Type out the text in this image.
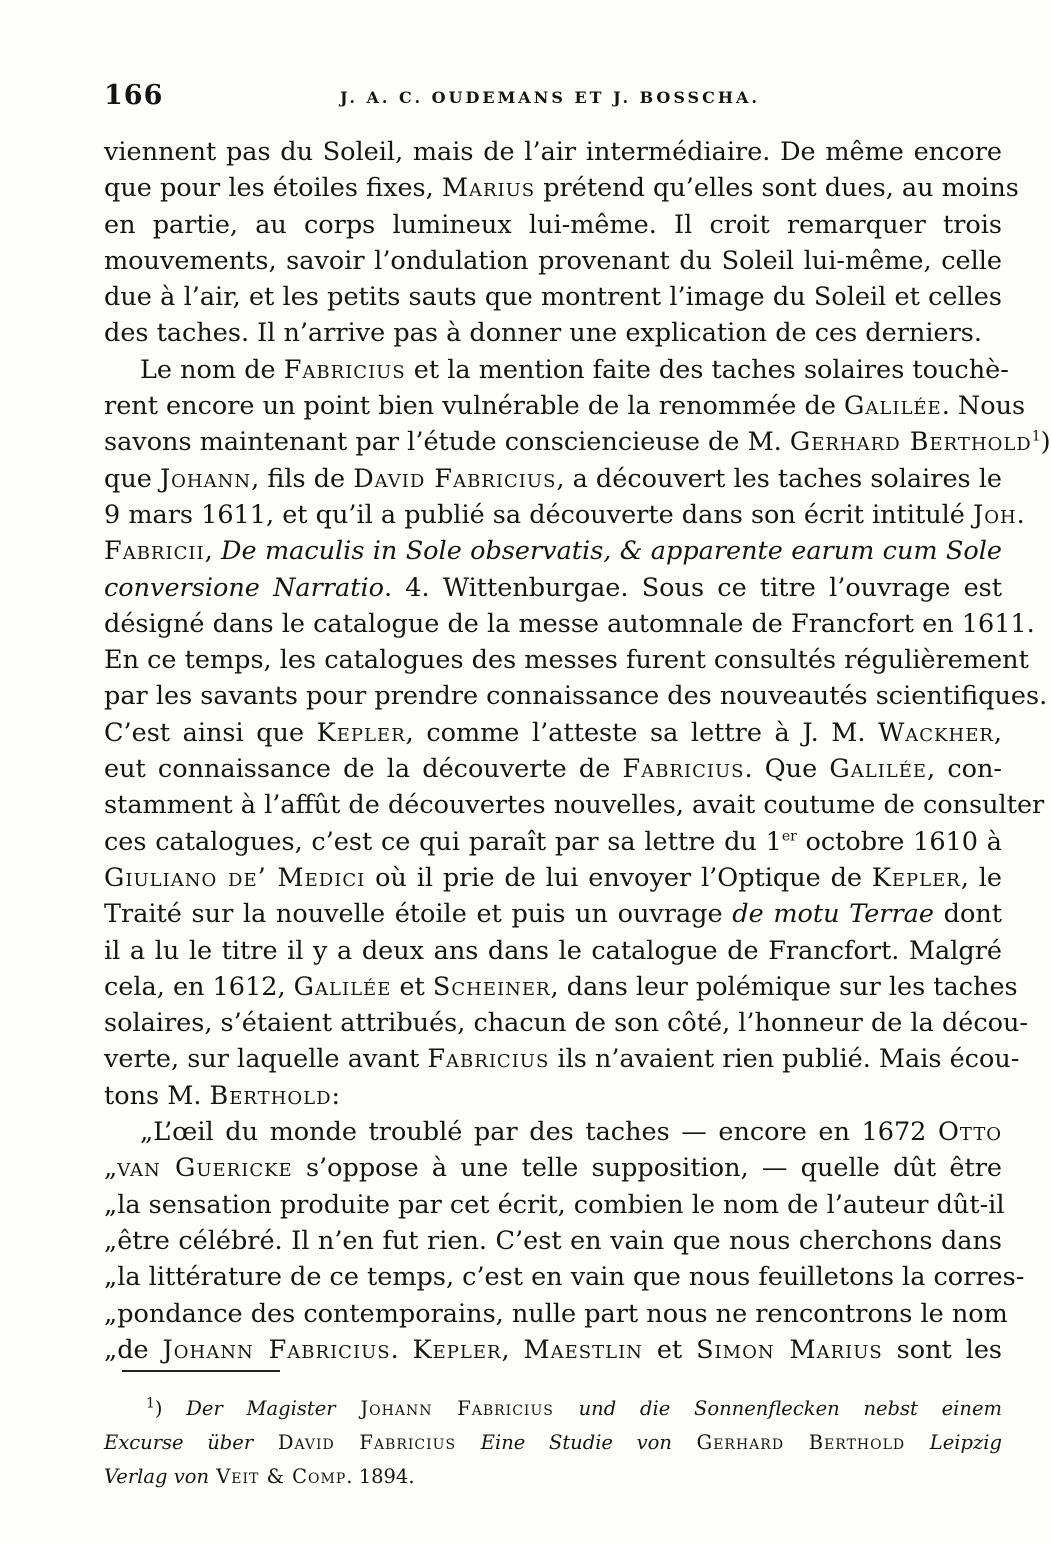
166	J. A. C. OUDEMANS ET J. BOSSCHA.
viennent pas du Soleil, mais de l’air intermédiaire. De même encore
que pour les étoiles fixes, Marius prétend qu’elles sont dues, au moins
en partie, au corps lumineux lui-même. Il croit remarquer trois
mouvements, savoir l’ondulation provenant du Soleil lui-même, celle
due à l’air, et les petits sauts que montrent l’image du Soleil et celles
des taches. Il n’arrive pas à donner une explication de ces derniers.
Le nom de Fabricius et la mention faite des taches solaires touchè-
rent encore un point bien vulnérable de la renommée de Galilée. Nous
savons maintenant par l’étude consciencieuse de M. Gerhard Berthold$^1$)
que Johann, fils de David Fabricius, a découvert les taches solaires le
9 mars 1611, et qu’il a publié sa découverte dans son écrit intitulé Joh.
Fabricii, De maculis in Sole observatis, & apparente earum cum Sole
conversione Narratio. 4. Wittenburgae. Sous ce titre l’ouvrage est
désigné dans le catalogue de la messe automnale de Francfort en 1611.
En ce temps, les catalogues des messes furent consultés régulièrement
par les savants pour prendre connaissance des nouveautés scientifiques.
C’est ainsi que Kepler, comme l’atteste sa lettre à J. M. Wackher,
eut connaissance de la découverte de Fabricius. Que Galilée, con-
stamment à l’affût de découvertes nouvelles, avait coutume de consulter
ces catalogues, c’est ce qui paraît par sa lettre du 1er octobre 1610 à
Giuliano de’ Medici où il prie de lui envoyer l’Optique de Kepler, le
Traité sur la nouvelle étoile et puis un ouvrage de motu Terrae dont
il a lu le titre il y a deux ans dans le catalogue de Francfort. Malgré
cela, en 1612, Galilée et Scheiner, dans leur polémique sur les taches
solaires, s’étaient attribués, chacun de son côté, l’honneur de la décou-
verte, sur laquelle avant Fabricius ils n’avaient rien publié. Mais écou-
tons M. Berthold:
„L’œil du monde troublé par des taches — encore en 1672 Otto
„van Guericke s’oppose à une telle supposition, — quelle dût être
„la sensation produite par cet écrit, combien le nom de l’auteur dût-il
„être célébré. Il n’en fut rien. C’est en vain que nous cherchons dans
„la littérature de ce temps, c’est en vain que nous feuilletons la corres-
„pondance des contemporains, nulle part nous ne rencontrons le nom
„de Johann Fabricius. Kepler, Maestlin et Simon Marius sont les
$^1$) Der Magister Johann Fabricius und die Sonnenflecken nebst einem
Excurse über David Fabricius Eine Studie von Gerhard Berthold Leipzig
Verlag von Veit & Comp. 1894.
